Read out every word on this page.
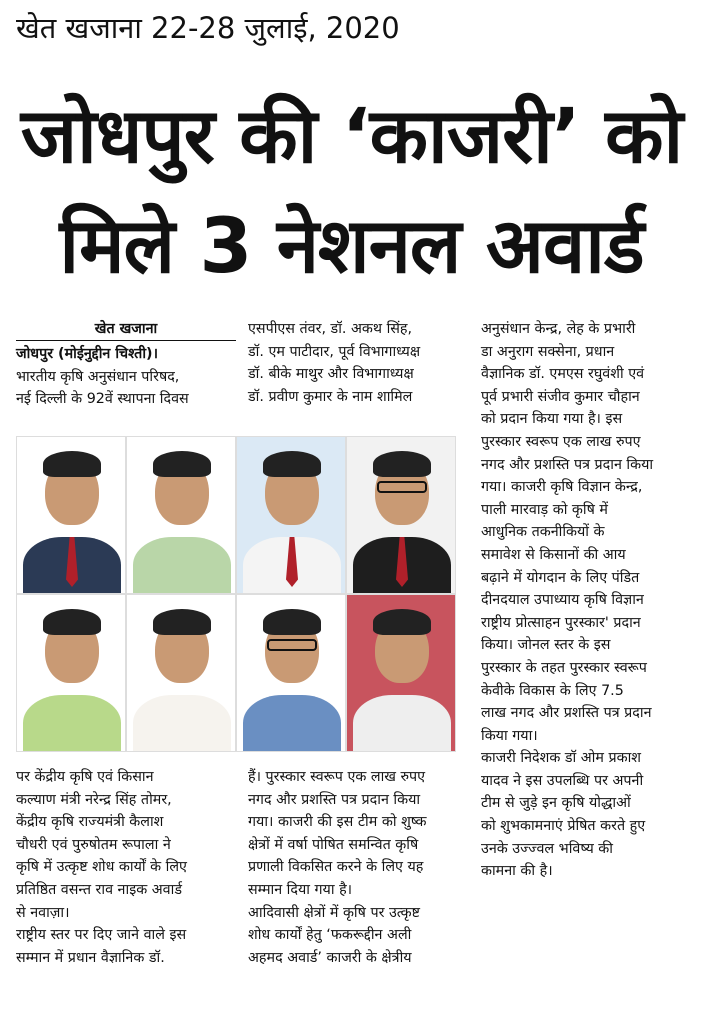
खेत खजाना 22-28 जुलाई, 2020
जोधपुर की ‘काजरी’ को
मिले 3 नेशनल अवार्ड

खेत खजाना

जोधपुर (मोईनुद्दीन चिश्ती)।

भारतीय कृषि अनुसंधान परिषद,

नई दिल्ली के 92वें स्थापना दिवस

एसपीएस तंवर, डॉ. अकथ सिंह,

डॉ. एम पाटीदार, पूर्व विभागाध्यक्ष

डॉ. बीके माथुर और विभागाध्यक्ष

डॉ. प्रवीण कुमार के नाम शामिल

अनुसंधान केन्द्र, लेह के प्रभारी

डा अनुराग सक्सेना, प्रधान

वैज्ञानिक डॉ. एमएस रघुवंशी एवं

पूर्व प्रभारी संजीव कुमार चौहान

को प्रदान किया गया है। इस

पुरस्कार स्वरूप एक लाख रुपए

नगद और प्रशस्ति पत्र प्रदान किया

गया। काजरी कृषि विज्ञान केन्द्र,

पाली मारवाड़ को कृषि में

आधुनिक तकनीकियों के

समावेश से किसानों की आय

बढ़ाने में योगदान के लिए पंडित

दीनदयाल उपाध्याय कृषि विज्ञान

राष्ट्रीय प्रोत्साहन पुरस्कार' प्रदान

किया। जोनल स्तर के इस

पुरस्कार के तहत पुरस्कार स्वरूप

केवीके विकास के लिए 7.5

लाख नगद और प्रशस्ति पत्र प्रदान

किया गया।

काजरी निदेशक डॉ ओम प्रकाश

यादव ने इस उपलब्धि पर अपनी

टीम से जुड़े इन कृषि योद्धाओं

को शुभकामनाएं प्रेषित करते हुए

उनके उज्ज्वल भविष्य की

कामना की है।

पर केंद्रीय कृषि एवं किसान

कल्याण मंत्री नरेन्द्र सिंह तोमर,

केंद्रीय कृषि राज्यमंत्री कैलाश

चौधरी एवं पुरुषोतम रूपाला ने

कृषि में उत्कृष्ट शोध कार्यों के लिए

प्रतिष्ठित वसन्त राव नाइक अवार्ड

से नवाज़ा।

राष्ट्रीय स्तर पर दिए जाने वाले इस

सम्मान में प्रधान वैज्ञानिक डॉ.

हैं। पुरस्कार स्वरूप एक लाख रुपए

नगद और प्रशस्ति पत्र प्रदान किया

गया। काजरी की इस टीम को शुष्क

क्षेत्रों में वर्षा पोषित समन्वित कृषि

प्रणाली विकसित करने के लिए यह

सम्मान दिया गया है।

आदिवासी क्षेत्रों में कृषि पर उत्कृष्ट

शोध कार्यों हेतु ‘फकरूद्दीन अली

अहमद अवार्ड’ काजरी के क्षेत्रीय
